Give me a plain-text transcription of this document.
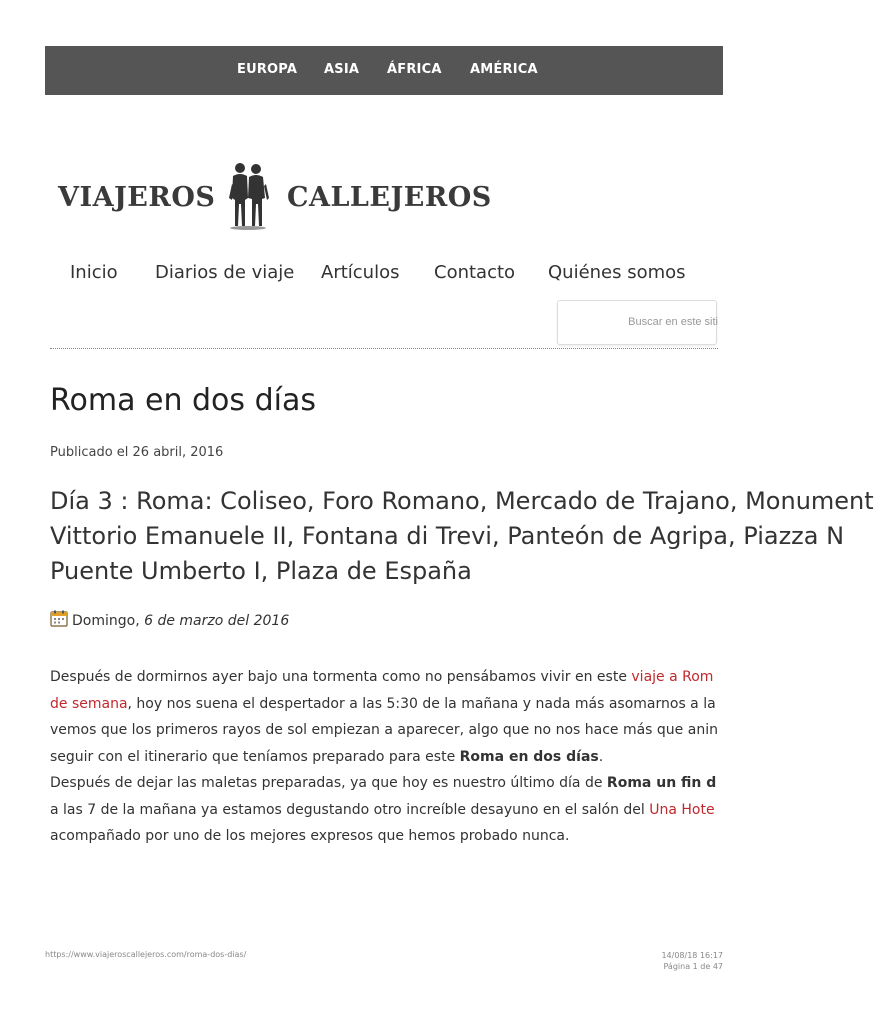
EUROPA ASIA ÁFRICA AMÉRICA
VIAJEROS	CALLEJEROS
Inicio Diarios de viaje Artículos Contacto Quiénes somos
Buscar en este siti
Roma en dos días
Publicado el 26 abril, 2016
Día 3 : Roma: Coliseo, Foro Romano, Mercado de Trajano, Monument
Vittorio Emanuele II, Fontana di Trevi, Panteón de Agripa, Piazza N
Puente Umberto I, Plaza de España
Domingo, 6 de marzo del 2016

Después de dormirnos ayer bajo una tormenta como no pensábamos vivir en este viaje a Rom
de semana, hoy nos suena el despertador a las 5:30 de la mañana y nada más asomarnos a la
vemos que los primeros rayos de sol empiezan a aparecer, algo que no nos hace más que anin
seguir con el itinerario que teníamos preparado para este Roma en dos días.

Después de dejar las maletas preparadas, ya que hoy es nuestro último día de Roma un fin d
a las 7 de la mañana ya estamos degustando otro increíble desayuno en el salón del Una Hote
acompañado por uno de los mejores expresos que hemos probado nunca.

https://www.viajeroscallejeros.com/roma-dos-dias/	14/08/18 16:17
Página 1 de 47
